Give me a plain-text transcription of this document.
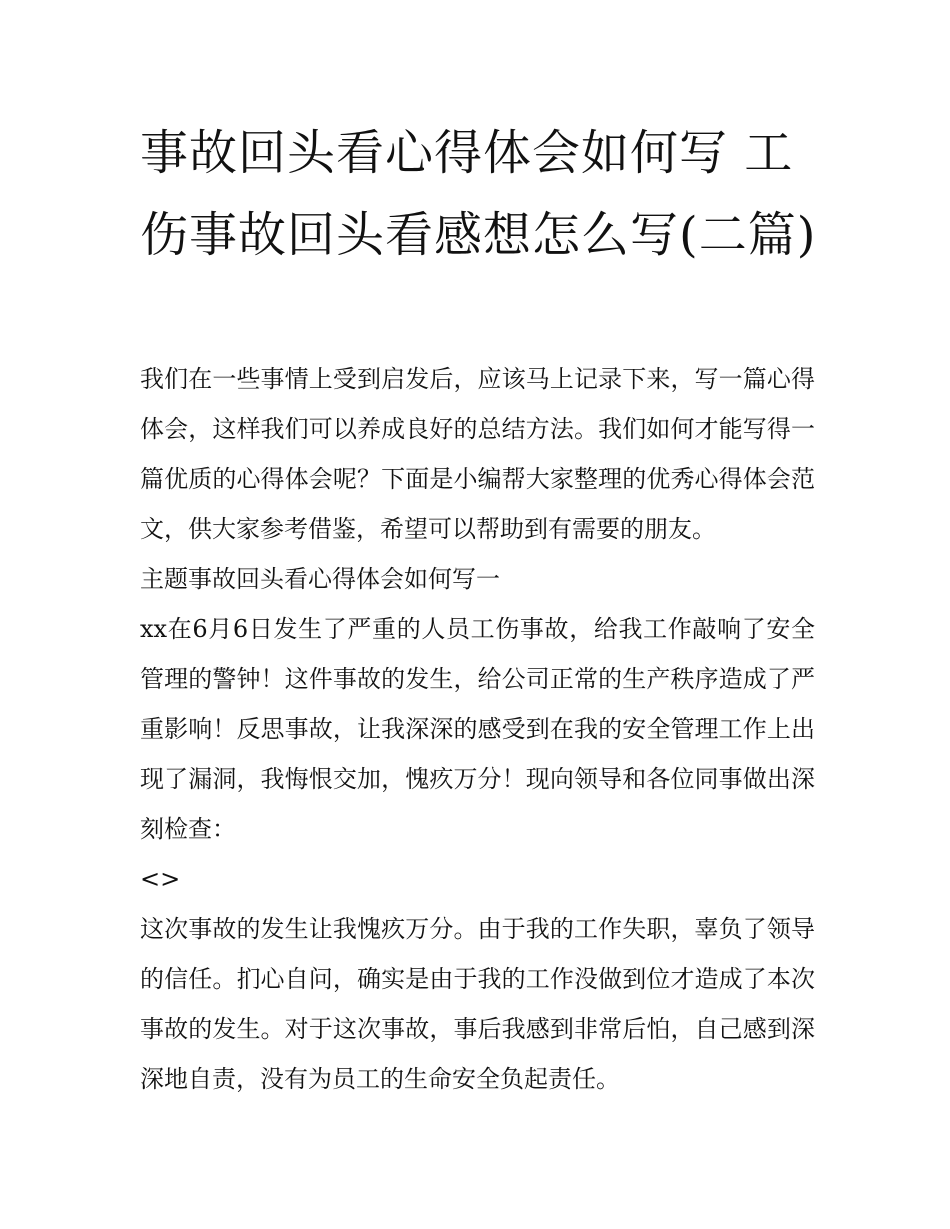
事故回头看心得体会如何写 工伤事故回头看感想怎么写(二篇)

我们在一些事情上受到启发后，应该马上记录下来，写一篇心得体会，这样我们可以养成良好的总结方法。我们如何才能写得一篇优质的心得体会呢？下面是小编帮大家整理的优秀心得体会范文，供大家参考借鉴，希望可以帮助到有需要的朋友。

主题事故回头看心得体会如何写一

xx在6月6日发生了严重的人员工伤事故，给我工作敲响了安全管理的警钟！这件事故的发生，给公司正常的生产秩序造成了严重影响！反思事故，让我深深的感受到在我的安全管理工作上出现了漏洞，我悔恨交加，愧疚万分！现向领导和各位同事做出深刻检查：

<>

这次事故的发生让我愧疚万分。由于我的工作失职，辜负了领导的信任。扪心自问，确实是由于我的工作没做到位才造成了本次事故的发生。对于这次事故，事后我感到非常后怕，自己感到深深地自责，没有为员工的生命安全负起责任。
